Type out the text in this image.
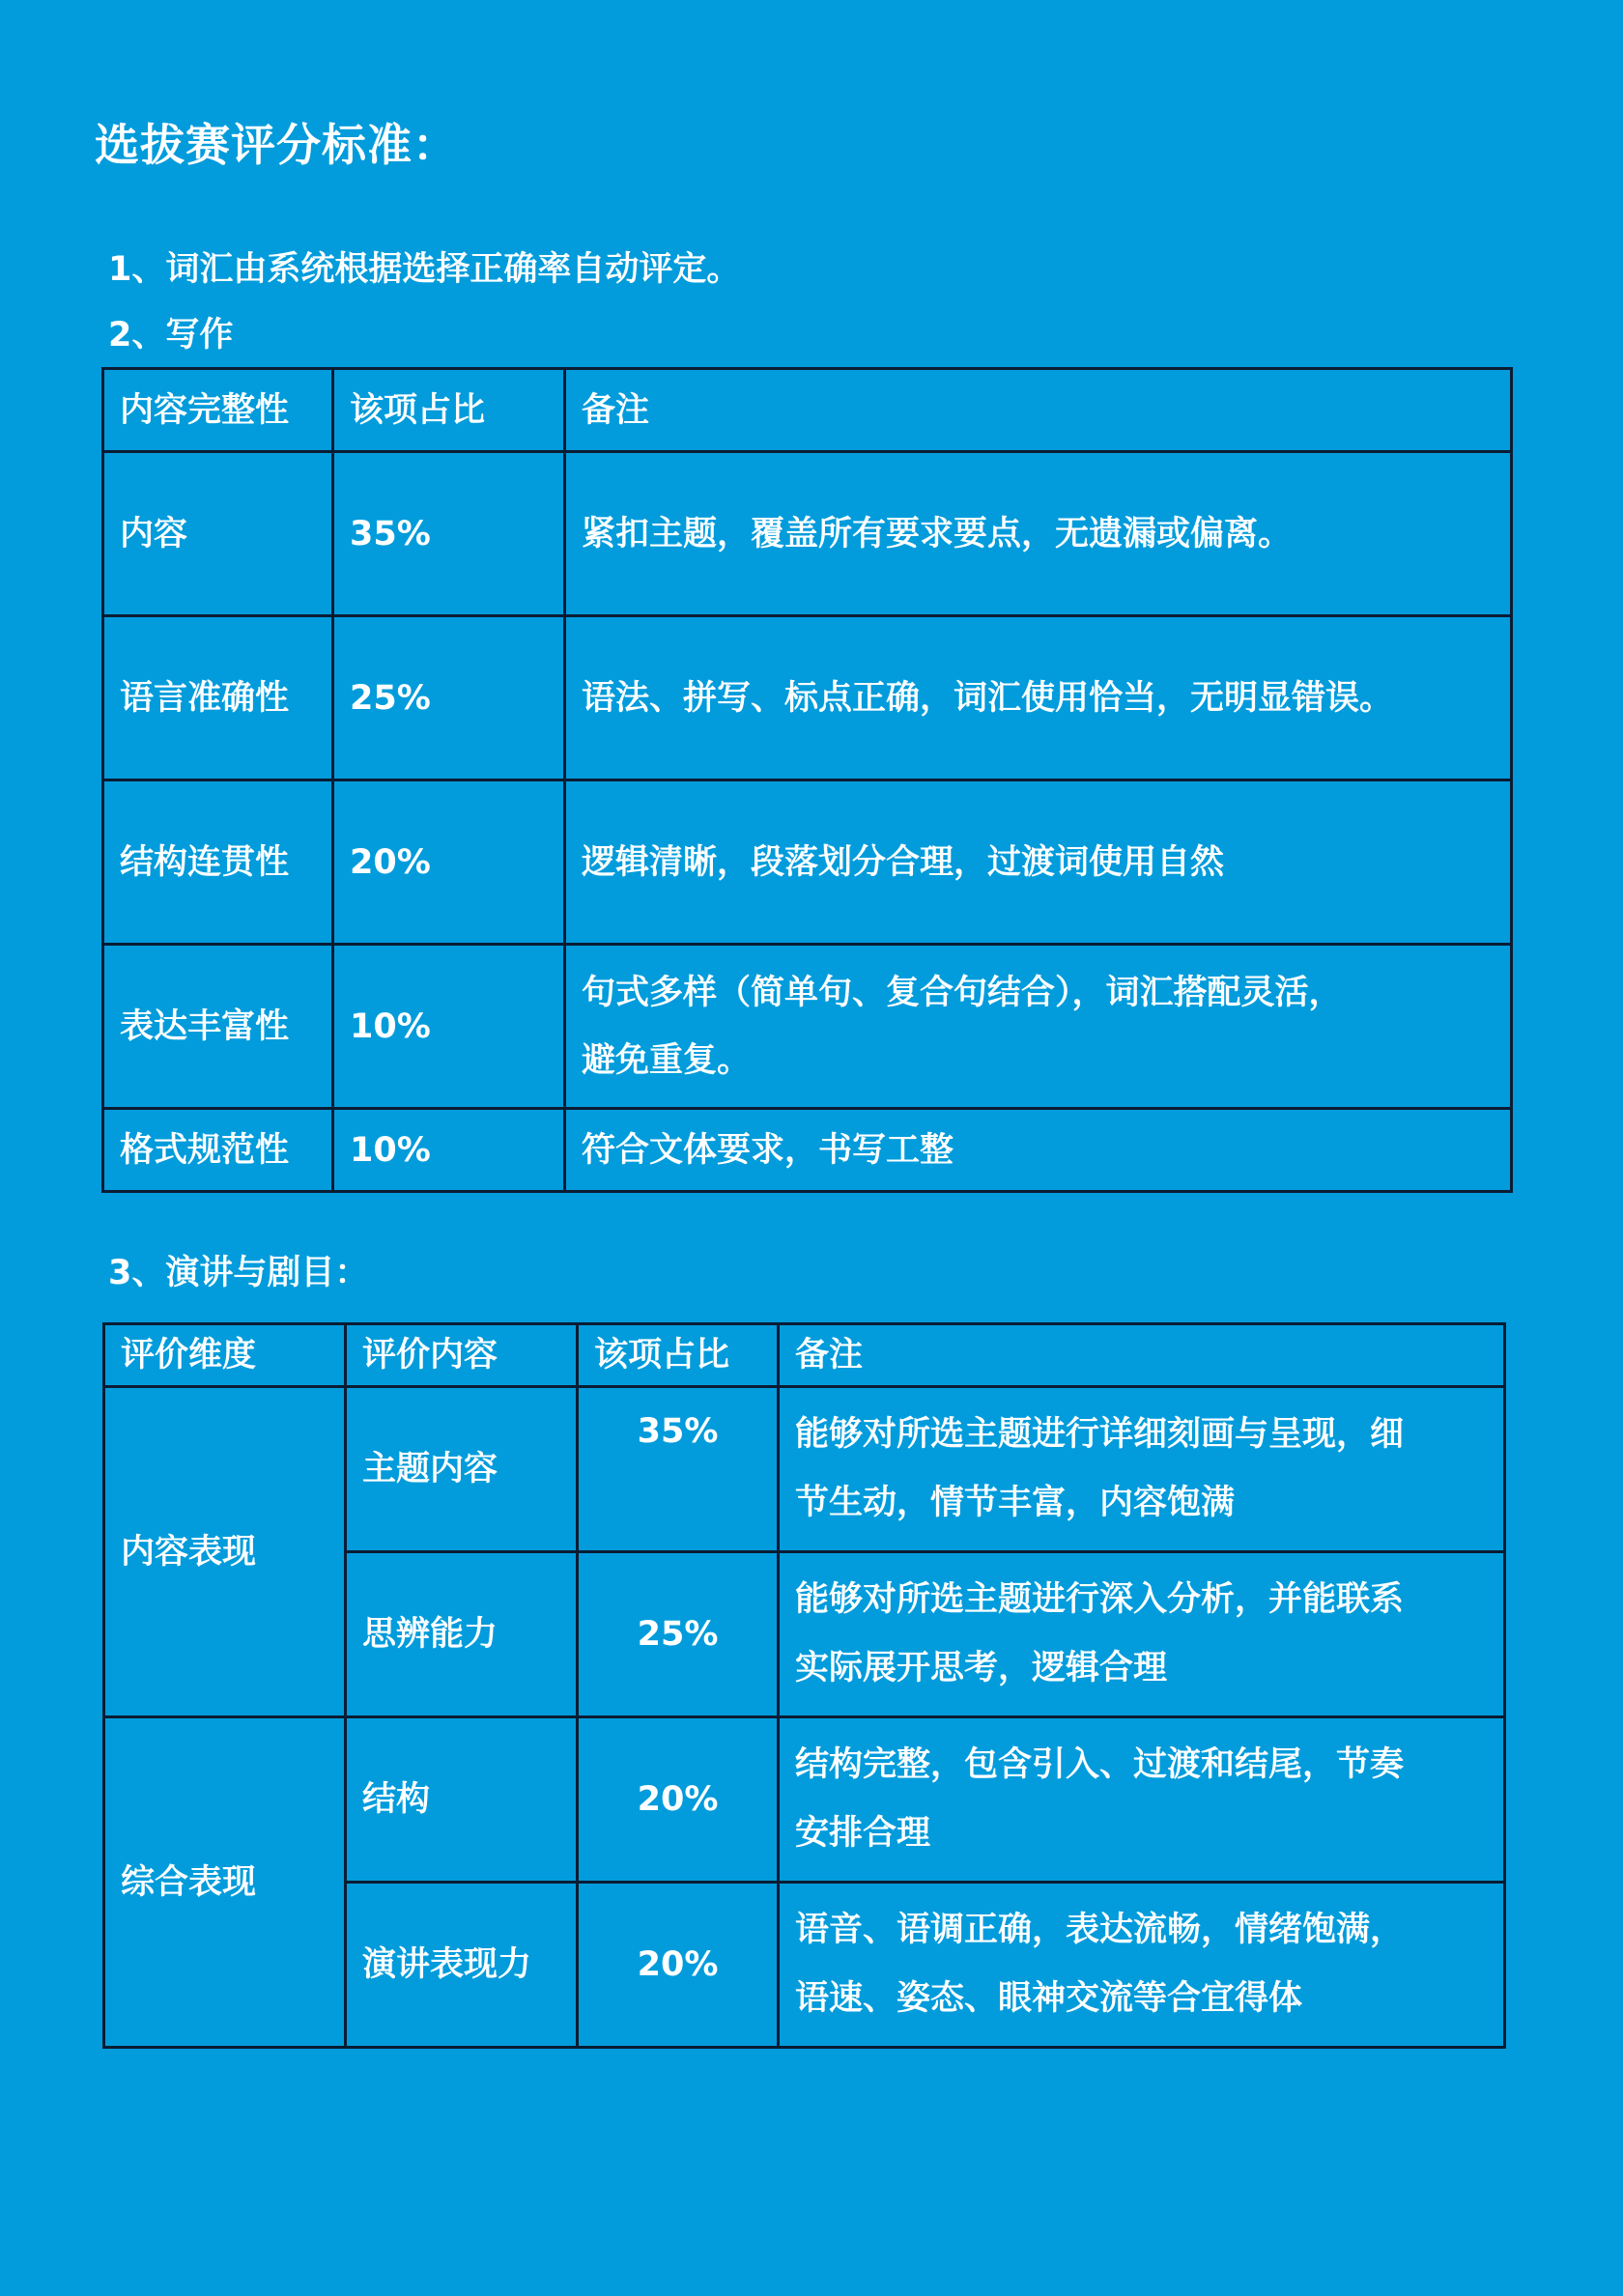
选拔赛评分标准：

1、词汇由系统根据选择正确率自动评定。

2、写作

内容完整性	该项占比	备注
内容	35%	紧扣主题，覆盖所有要求要点，无遗漏或偏离。
语言准确性	25%	语法、拼写、标点正确，词汇使用恰当，无明显错误。
结构连贯性	20%	逻辑清晰，段落划分合理，过渡词使用自然
表达丰富性	10%	句式多样（简单句、复合句结合），词汇搭配灵活，
避免重复。
格式规范性	10%	符合文体要求，书写工整

3、演讲与剧目：

评价维度	评价内容	该项占比	备注
内容表现	主题内容	35%	能够对所选主题进行详细刻画与呈现，细
节生动，情节丰富，内容饱满
	思辨能力	25%	能够对所选主题进行深入分析，并能联系
实际展开思考，逻辑合理
综合表现	结构	20%	结构完整，包含引入、过渡和结尾，节奏
安排合理
	演讲表现力	20%	语音、语调正确，表达流畅，情绪饱满，
语速、姿态、眼神交流等合宜得体
